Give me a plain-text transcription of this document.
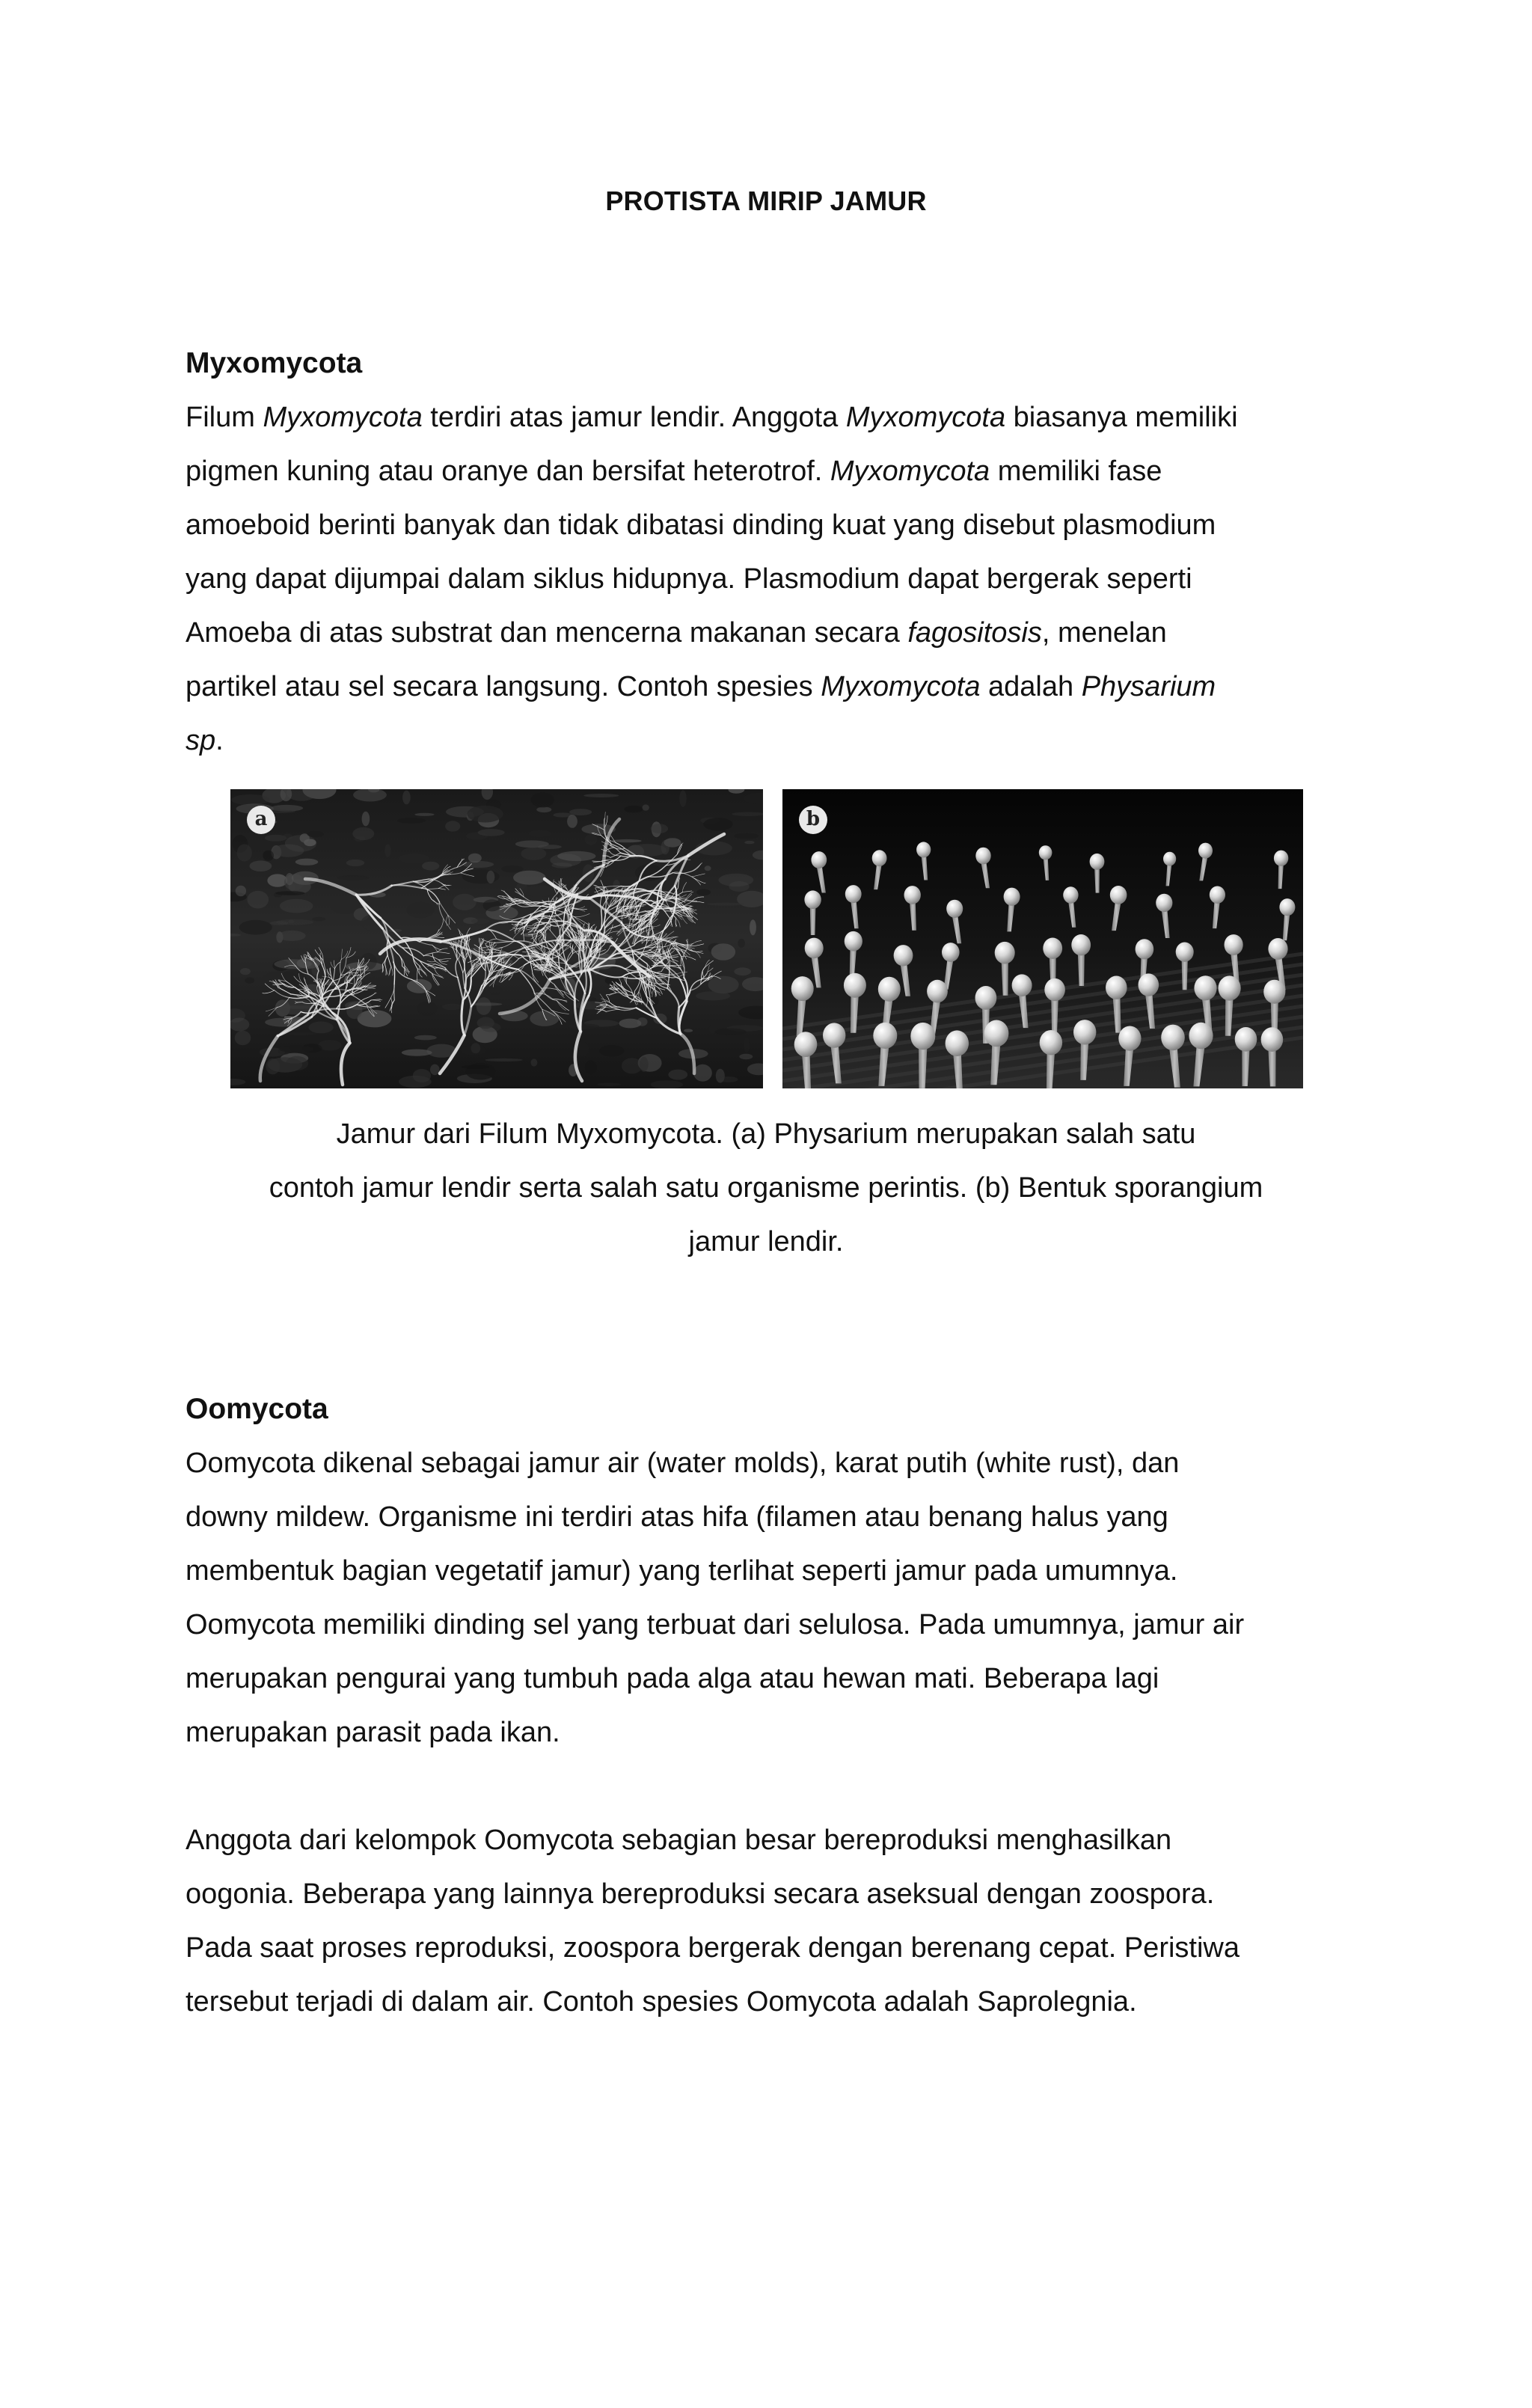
PROTISTA MIRIP JAMUR
Myxomycota
Filum Myxomycota terdiri atas jamur lendir. Anggota Myxomycota biasanya memiliki
pigmen kuning atau oranye dan bersifat heterotrof. Myxomycota memiliki fase
amoeboid berinti banyak dan tidak dibatasi dinding kuat yang disebut plasmodium
yang dapat dijumpai dalam siklus hidupnya. Plasmodium dapat bergerak seperti
Amoeba di atas substrat dan mencerna makanan secara fagositosis, menelan
partikel atau sel secara langsung. Contoh spesies Myxomycota adalah Physarium
sp.
a	b
Jamur dari Filum Myxomycota. (a) Physarium merupakan salah satu
contoh jamur lendir serta salah satu organisme perintis. (b) Bentuk sporangium
jamur lendir.
Oomycota
Oomycota dikenal sebagai jamur air (water molds), karat putih (white rust), dan
downy mildew. Organisme ini terdiri atas hifa (filamen atau benang halus yang
membentuk bagian vegetatif jamur) yang terlihat seperti jamur pada umumnya.
Oomycota memiliki dinding sel yang terbuat dari selulosa. Pada umumnya, jamur air
merupakan pengurai yang tumbuh pada alga atau hewan mati. Beberapa lagi
merupakan parasit pada ikan.
Anggota dari kelompok Oomycota sebagian besar bereproduksi menghasilkan
oogonia. Beberapa yang lainnya bereproduksi secara aseksual dengan zoospora.
Pada saat proses reproduksi, zoospora bergerak dengan berenang cepat. Peristiwa
tersebut terjadi di dalam air. Contoh spesies Oomycota adalah Saprolegnia.
